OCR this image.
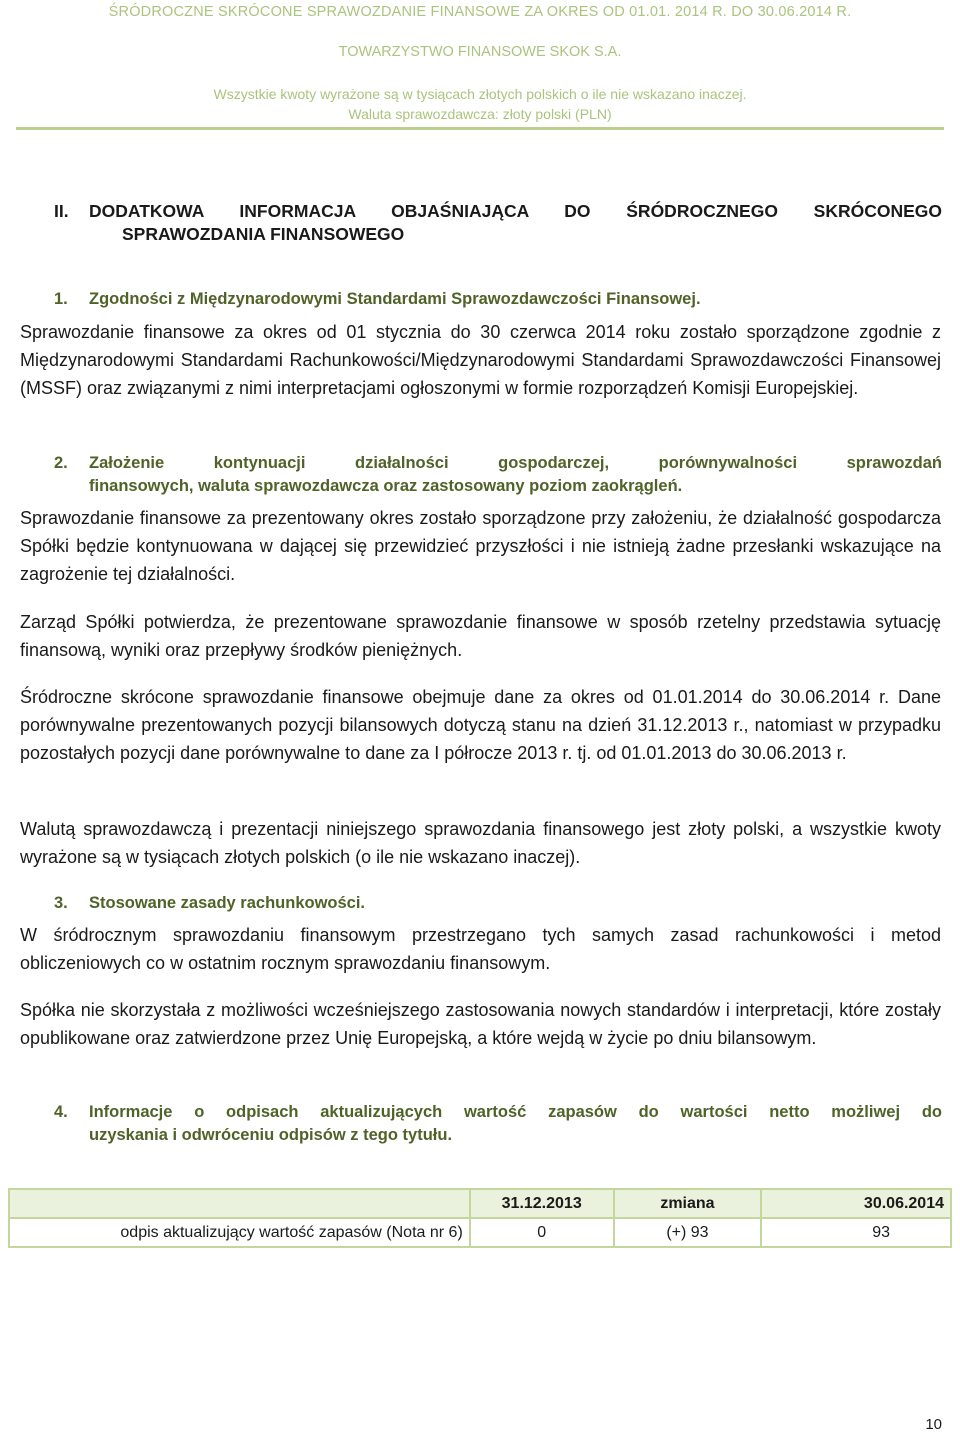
ŚRÓDROCZNE SKRÓCONE SPRAWOZDANIE FINANSOWE ZA OKRES OD 01.01. 2014 R. DO 30.06.2014 R.
TOWARZYSTWO FINANSOWE SKOK S.A.
Wszystkie kwoty wyrażone są w tysiącach złotych polskich o ile nie wskazano inaczej.
Waluta sprawozdawcza: złoty polski (PLN)
II. DODATKOWA INFORMACJA OBJAŚNIAJĄCA DO ŚRÓDROCZNEGO SKRÓCONEGO
SPRAWOZDANIA FINANSOWEGO
1. Zgodności z Międzynarodowymi Standardami Sprawozdawczości Finansowej.
Sprawozdanie finansowe za okres od 01 stycznia do 30 czerwca 2014 roku zostało sporządzone zgodnie z Międzynarodowymi Standardami Rachunkowości/Międzynarodowymi Standardami Sprawozdawczości Finansowej (MSSF) oraz związanymi z nimi interpretacjami ogłoszonymi w formie rozporządzeń Komisji Europejskiej.
2. Założenie kontynuacji działalności gospodarczej, porównywalności sprawozdań
finansowych, waluta sprawozdawcza oraz zastosowany poziom zaokrągleń.
Sprawozdanie finansowe za prezentowany okres zostało sporządzone przy założeniu, że działalność gospodarcza Spółki będzie kontynuowana w dającej się przewidzieć przyszłości i nie istnieją żadne przesłanki wskazujące na zagrożenie tej działalności.
Zarząd Spółki potwierdza, że prezentowane sprawozdanie finansowe w sposób rzetelny przedstawia sytuację finansową, wyniki oraz przepływy środków pieniężnych.
Śródroczne skrócone sprawozdanie finansowe obejmuje dane za okres od 01.01.2014 do 30.06.2014 r. Dane porównywalne prezentowanych pozycji bilansowych dotyczą stanu na dzień 31.12.2013 r., natomiast w przypadku pozostałych pozycji dane porównywalne to dane za I półrocze 2013 r. tj. od 01.01.2013 do 30.06.2013 r.
Walutą sprawozdawczą i prezentacji niniejszego sprawozdania finansowego jest złoty polski, a wszystkie kwoty wyrażone są w tysiącach złotych polskich (o ile nie wskazano inaczej).
3. Stosowane zasady rachunkowości.
W śródrocznym sprawozdaniu finansowym przestrzegano tych samych zasad rachunkowości i metod obliczeniowych co w ostatnim rocznym sprawozdaniu finansowym.
Spółka nie skorzystała z możliwości wcześniejszego zastosowania nowych standardów i interpretacji, które zostały opublikowane oraz zatwierdzone przez Unię Europejską, a które wejdą w życie po dniu bilansowym.
4. Informacje o odpisach aktualizujących wartość zapasów do wartości netto możliwej do
uzyskania i odwróceniu odpisów z tego tytułu.
	31.12.2013	zmiana	30.06.2014
odpis aktualizujący wartość zapasów (Nota nr 6)	0	(+) 93	93
10
